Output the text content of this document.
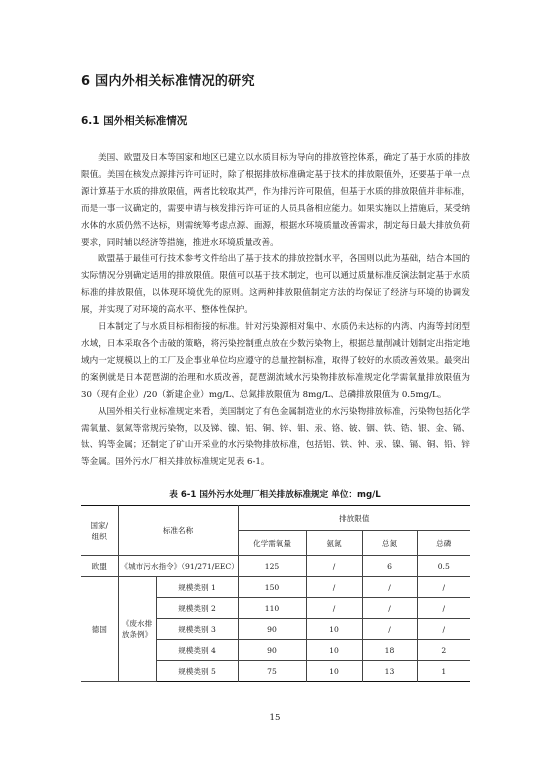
6 国内外相关标准情况的研究
6.1 国外相关标准情况

美国、欧盟及日本等国家和地区已建立以水质目标为导向的排放管控体系，确定了基于水质的排放限值。美国在核发点源排污许可证时，除了根据排放标准确定基于技术的排放限值外，还要基于单一点源计算基于水质的排放限值，两者比较取其严，作为排污许可限值，但基于水质的排放限值并非标准，而是一事一议确定的，需要申请与核发排污许可证的人员具备相应能力。如果实施以上措施后，某受纳水体的水质仍然不达标，则需统筹考虑点源、面源，根据水环境质量改善需求，制定每日最大排放负荷要求，同时辅以经济等措施，推进水环境质量改善。

欧盟基于最佳可行技术参考文件给出了基于技术的排放控制水平，各国则以此为基础，结合本国的实际情况分别确定适用的排放限值。限值可以基于技术制定，也可以通过质量标准反演法制定基于水质标准的排放限值，以体现环境优先的原则。这两种排放限值制定方法的均保证了经济与环境的协调发展，并实现了对环境的高水平、整体性保护。

日本制定了与水质目标相衔接的标准。针对污染源相对集中、水质仍未达标的内湾、内海等封闭型水域，日本采取各个击破的策略，将污染控制重点放在少数污染物上，根据总量削减计划制定出指定地域内一定规模以上的工厂及企事业单位均应遵守的总量控制标准，取得了较好的水质改善效果。最突出的案例就是日本琵琶湖的治理和水质改善，琵琶湖流域水污染物排放标准规定化学需氧量排放限值为 30（现有企业）/20（新建企业）mg/L、总氮排放限值为 8mg/L、总磷排放限值为 0.5mg/L。

从国外相关行业标准规定来看，美国制定了有色金属制造业的水污染物排放标准，污染物包括化学需氧量、氨氮等常规污染物，以及锑、镍、铝、铜、锌、钼、汞、铬、铍、铟、铁、锆、银、金、镉、钛、钨等金属；还制定了矿山开采业的水污染物排放标准，包括铝、铁、钟、汞、镍、镉、铜、铅、锌等金属。国外污水厂相关排放标准规定见表 6-1。

表 6-1 国外污水处理厂相关排放标准规定 单位：mg/L

国家/
组织	标准名称		排放限值			
			化学需氧量	氨氮	总氮	总磷
欧盟	《城市污水指令》（91/271/EEC）		125	/	6	0.5
德国	《废水排
放条例》	规模类别 1	150	/	/	/
		规模类别 2	110	/	/	/
		规模类别 3	90	10	/	/
		规模类别 4	90	10	18	2
		规模类别 5	75	10	13	1

15
